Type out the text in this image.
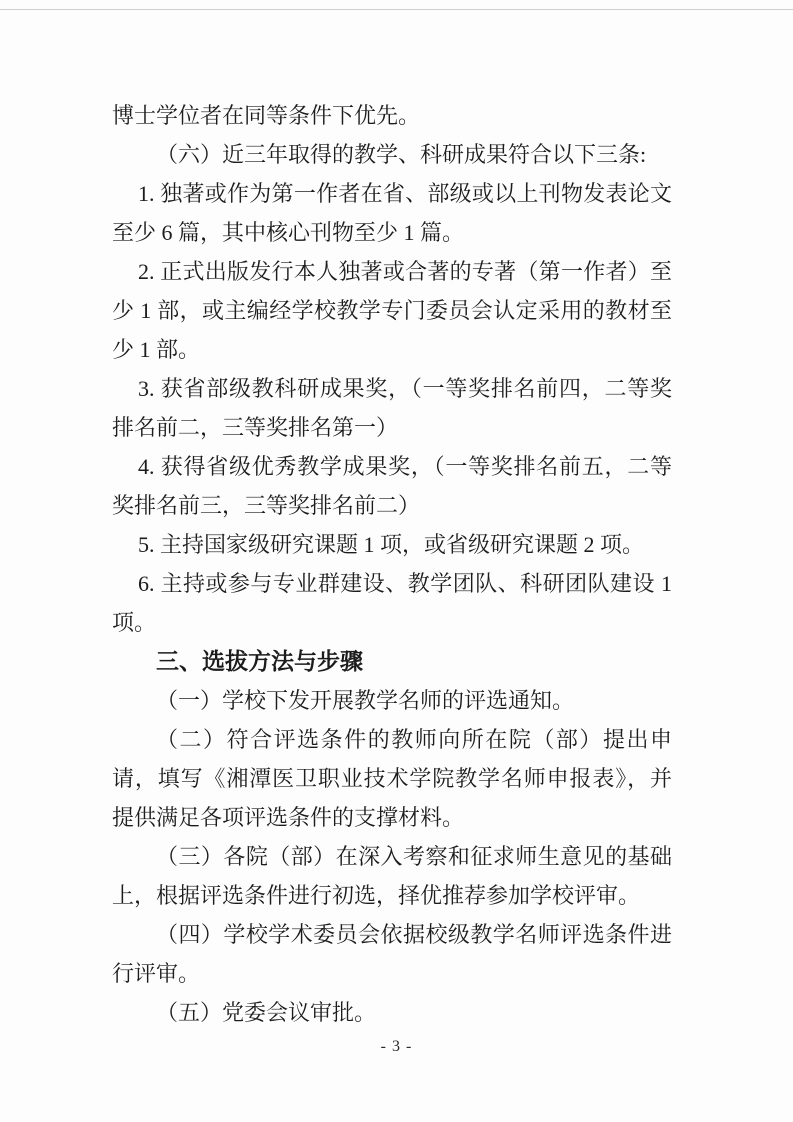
博士学位者在同等条件下优先。

（六）近三年取得的教学、科研成果符合以下三条:

1. 独著或作为第一作者在省、部级或以上刊物发表论文至少 6 篇，其中核心刊物至少 1 篇。

2. 正式出版发行本人独著或合著的专著（第一作者）至少 1 部，或主编经学校教学专门委员会认定采用的教材至少 1 部。

3. 获省部级教科研成果奖，（一等奖排名前四，二等奖排名前二，三等奖排名第一）

4. 获得省级优秀教学成果奖，（一等奖排名前五，二等奖排名前三，三等奖排名前二）

5. 主持国家级研究课题 1 项，或省级研究课题 2 项。

6. 主持或参与专业群建设、教学团队、科研团队建设 1 项。

三、选拔方法与步骤

（一）学校下发开展教学名师的评选通知。

（二）符合评选条件的教师向所在院（部）提出申请，填写《湘潭医卫职业技术学院教学名师申报表》，并提供满足各项评选条件的支撑材料。

（三）各院（部）在深入考察和征求师生意见的基础上，根据评选条件进行初选，择优推荐参加学校评审。

（四）学校学术委员会依据校级教学名师评选条件进行评审。

（五）党委会议审批。

- 3 -
